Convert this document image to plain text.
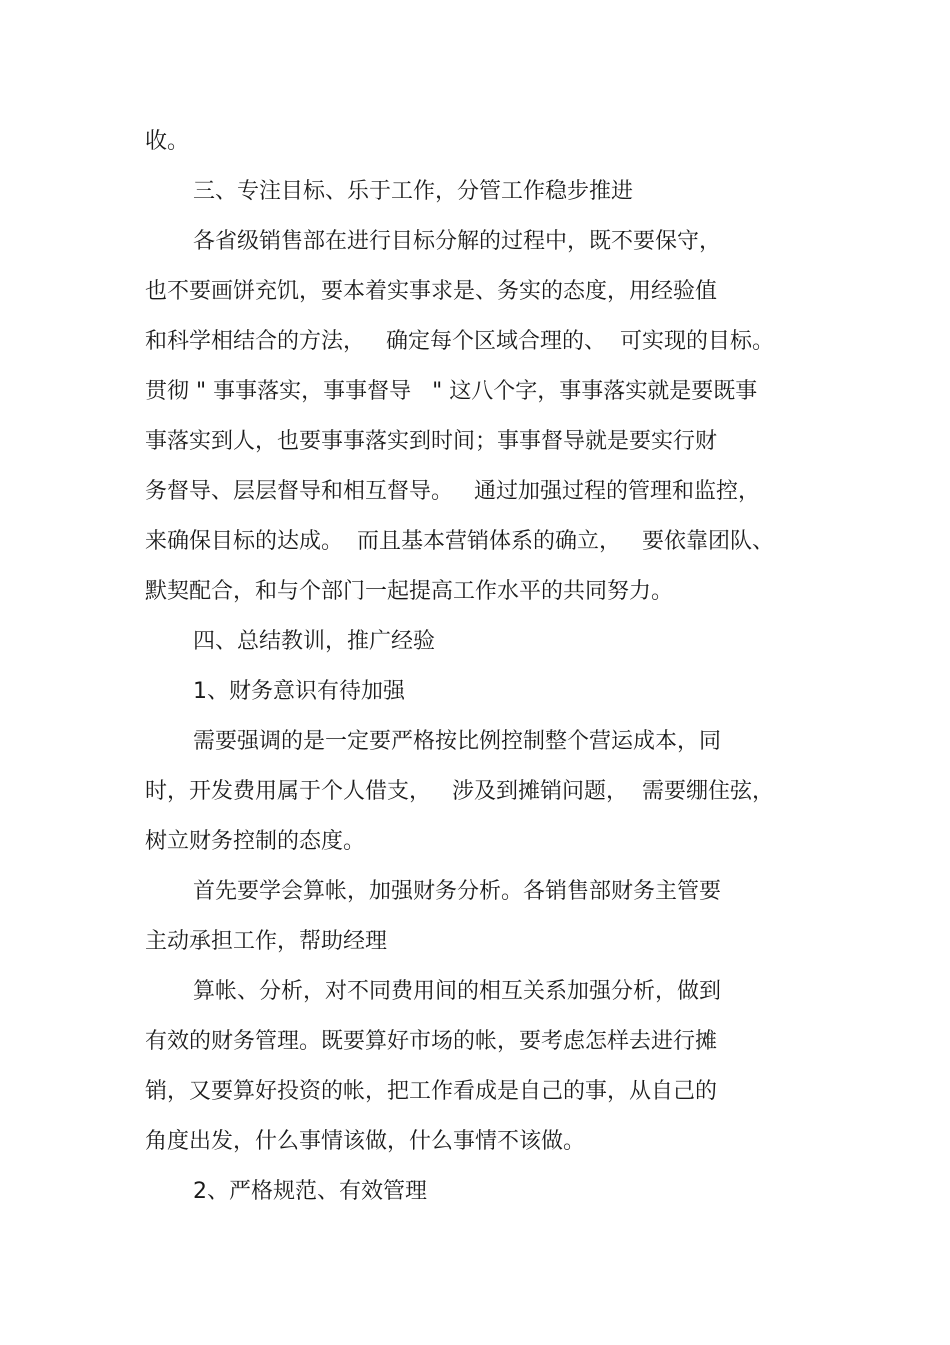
收。

三、专注目标、乐于工作，分管工作稳步推进

各省级销售部在进行目标分解的过程中，既不要保守，

也不要画饼充饥，要本着实事求是、务实的态度，用经验值

和科学相结合的方法，   确定每个区域合理的、  可实现的目标。

贯彻 " 事事落实，事事督导   " 这八个字，事事落实就是要既事

事落实到人，也要事事落实到时间；事事督导就是要实行财

务督导、层层督导和相互督导。   通过加强过程的管理和监控，

来确保目标的达成。  而且基本营销体系的确立，   要依靠团队、

默契配合，和与个部门一起提高工作水平的共同努力。

四、总结教训，推广经验

1、财务意识有待加强

需要强调的是一定要严格按比例控制整个营运成本，同

时，开发费用属于个人借支，   涉及到摊销问题，  需要绷住弦，

树立财务控制的态度。

首先要学会算帐，加强财务分析。各销售部财务主管要

主动承担工作，帮助经理

算帐、分析，对不同费用间的相互关系加强分析，做到

有效的财务管理。既要算好市场的帐，要考虑怎样去进行摊

销，又要算好投资的帐，把工作看成是自己的事，从自己的

角度出发，什么事情该做，什么事情不该做。

2、严格规范、有效管理
